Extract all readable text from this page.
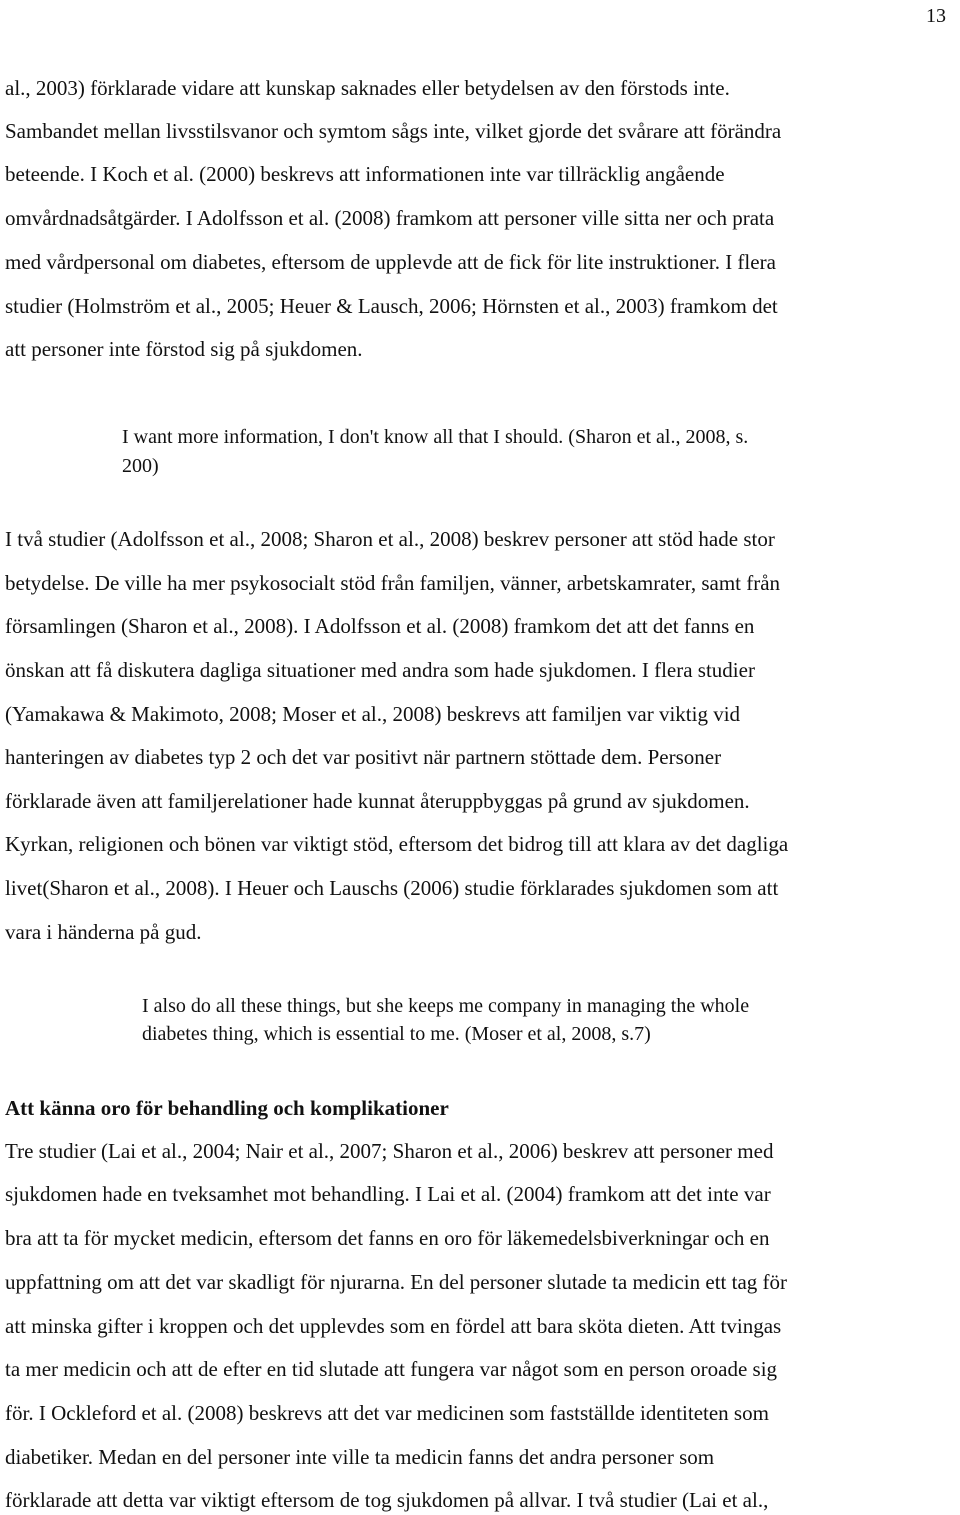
13
al., 2003) förklarade vidare att kunskap saknades eller betydelsen av den förstods inte.
Sambandet mellan livsstilsvanor och symtom sågs inte, vilket gjorde det svårare att förändra
beteende. I Koch et al. (2000) beskrevs att informationen inte var tillräcklig angående
omvårdnadsåtgärder. I Adolfsson et al. (2008) framkom att personer ville sitta ner och prata
med vårdpersonal om diabetes, eftersom de upplevde att de fick för lite instruktioner. I flera
studier (Holmström et al., 2005; Heuer & Lausch, 2006; Hörnsten et al., 2003) framkom det
att personer inte förstod sig på sjukdomen.
I want more information, I don't know all that I should. (Sharon et al., 2008, s.
200)
I två studier (Adolfsson et al., 2008; Sharon et al., 2008) beskrev personer att stöd hade stor
betydelse. De ville ha mer psykosocialt stöd från familjen, vänner, arbetskamrater, samt från
församlingen (Sharon et al., 2008). I Adolfsson et al. (2008) framkom det att det fanns en
önskan att få diskutera dagliga situationer med andra som hade sjukdomen. I flera studier
(Yamakawa & Makimoto, 2008; Moser et al., 2008) beskrevs att familjen var viktig vid
hanteringen av diabetes typ 2 och det var positivt när partnern stöttade dem. Personer
förklarade även att familjerelationer hade kunnat återuppbyggas på grund av sjukdomen.
Kyrkan, religionen och bönen var viktigt stöd, eftersom det bidrog till att klara av det dagliga
livet(Sharon et al., 2008). I Heuer och Lauschs (2006) studie förklarades sjukdomen som att
vara i händerna på gud.
I also do all these things, but she keeps me company in managing the whole
diabetes thing, which is essential to me. (Moser et al, 2008, s.7)
Att känna oro för behandling och komplikationer
Tre studier (Lai et al., 2004; Nair et al., 2007; Sharon et al., 2006) beskrev att personer med
sjukdomen hade en tveksamhet mot behandling. I Lai et al. (2004) framkom att det inte var
bra att ta för mycket medicin, eftersom det fanns en oro för läkemedelsbiverkningar och en
uppfattning om att det var skadligt för njurarna. En del personer slutade ta medicin ett tag för
att minska gifter i kroppen och det upplevdes som en fördel att bara sköta dieten. Att tvingas
ta mer medicin och att de efter en tid slutade att fungera var något som en person oroade sig
för. I Ockleford et al. (2008) beskrevs att det var medicinen som fastställde identiteten som
diabetiker. Medan en del personer inte ville ta medicin fanns det andra personer som
förklarade att detta var viktigt eftersom de tog sjukdomen på allvar. I två studier (Lai et al.,
